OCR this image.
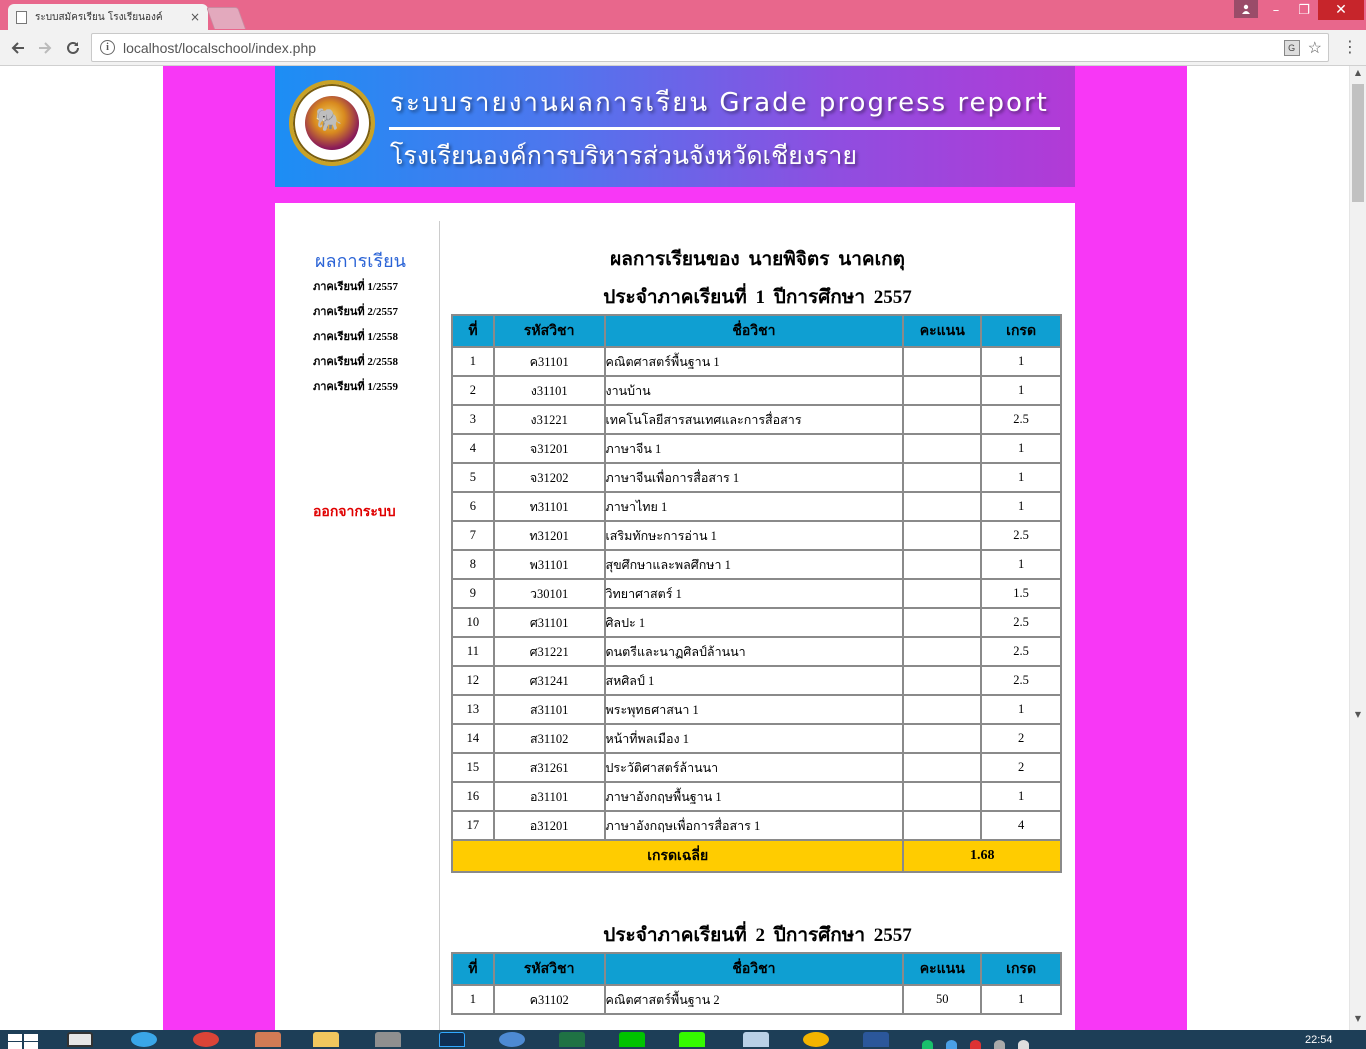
ระบบสมัครเรียน โรงเรียนองค์	×	–	❐	✕
i	localhost/localschool/index.php	G ☆ ⋮
🐘
ระบบรายงานผลการเรียน Grade progress report
โรงเรียนองค์การบริหารส่วนจังหวัดเชียงราย
ผลการเรียน
ภาคเรียนที่ 1/2557
ภาคเรียนที่ 2/2557
ภาคเรียนที่ 1/2558
ภาคเรียนที่ 2/2558
ภาคเรียนที่ 1/2559
ออกจากระบบ
ผลการเรียนของ นายพิจิตร นาคเกตุ
ประจำภาคเรียนที่ 1 ปีการศึกษา 2557
ที่	รหัสวิชา	ชื่อวิชา	คะแนน	เกรด
1	ค31101	คณิตศาสตร์พื้นฐาน 1		1
2	ง31101	งานบ้าน		1
3	ง31221	เทคโนโลยีสารสนเทศและการสื่อสาร		2.5
4	จ31201	ภาษาจีน 1		1
5	จ31202	ภาษาจีนเพื่อการสื่อสาร 1		1
6	ท31101	ภาษาไทย 1		1
7	ท31201	เสริมทักษะการอ่าน 1		2.5
8	พ31101	สุขศึกษาและพลศึกษา 1		1
9	ว30101	วิทยาศาสตร์ 1		1.5
10	ศ31101	ศิลปะ 1		2.5
11	ศ31221	ดนตรีและนาฏศิลป์ล้านนา		2.5
12	ศ31241	สหศิลป์ 1		2.5
13	ส31101	พระพุทธศาสนา 1		1
14	ส31102	หน้าที่พลเมือง 1		2
15	ส31261	ประวัติศาสตร์ล้านนา		2
16	อ31101	ภาษาอังกฤษพื้นฐาน 1		1
17	อ31201	ภาษาอังกฤษเพื่อการสื่อสาร 1		4
เกรดเฉลี่ย			1.68	
ประจำภาคเรียนที่ 2 ปีการศึกษา 2557
ที่	รหัสวิชา	ชื่อวิชา	คะแนน	เกรด
1	ค31102	คณิตศาสตร์พื้นฐาน 2	50	1
▲
▼
▼
22:54
